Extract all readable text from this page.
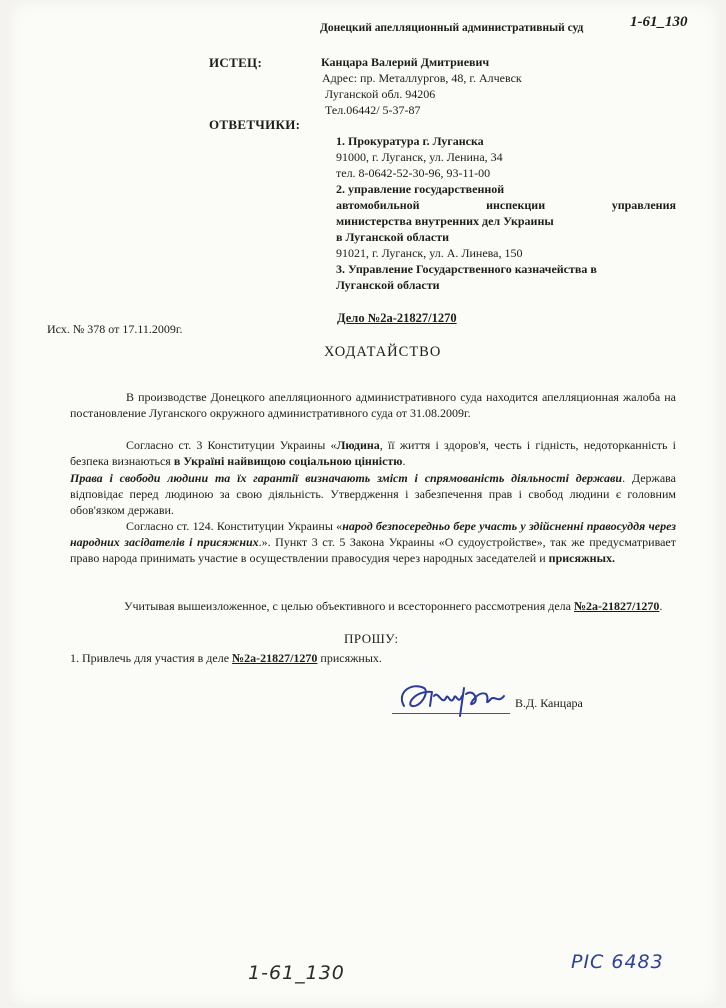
Донецкий апелляционный административный суд	1-61_130
ИСТЕЦ:	Канцара Валерий Дмитриевич
Адрес: пр. Металлургов, 48, г. Алчевск
Луганской обл. 94206
Тел.06442/ 5-37-87
ОТВЕТЧИКИ:
1. Прокуратура г. Луганска
91000, г. Луганск, ул. Ленина, 34
тел. 8-0642-52-30-96, 93-11-00
2. управление государственной
автомобильной инспекции управления
министерства внутренних дел Украины
в Луганской области
91021, г. Луганск, ул. А. Линева, 150
3. Управление Государственного казначейства в
Луганской области
Дело №2а-21827/1270
Исх. № 378 от 17.11.2009г.
ХОДАТАЙСТВО

В производстве Донецкого апелляционного административного суда находится апелляционная жалоба на постановление Луганского окружного административного суда от 31.08.2009г.

Согласно ст. 3 Конституции Украины «Людина, її життя і здоров'я, честь і гідність, недоторканність і безпека визнаються в Україні найвищою соціальною цінністю.

Права і свободи людини та їх гарантії визначають зміст і спрямованість діяльності держави. Держава відповідає перед людиною за свою діяльність. Утвердження і забезпечення прав і свобод людини є головним обов'язком держави.

Согласно ст. 124. Конституции Украины «народ безпосередньо бере участь у здійсненні правосуддя через народних засідателів і присяжних.». Пункт 3 ст. 5 Закона Украины «О судоустройстве», так же предусматривает право народа принимать участие в осуществлении правосудия через народных заседателей и присяжных.

Учитывая вышеизложенное, с целью объективного и всестороннего рассмотрения дела №2а-21827/1270.

ПРОШУ:
1. Привлечь для участия в деле №2а-21827/1270 присяжных.
В.Д. Канцара
1-61_130	PIC 6483
